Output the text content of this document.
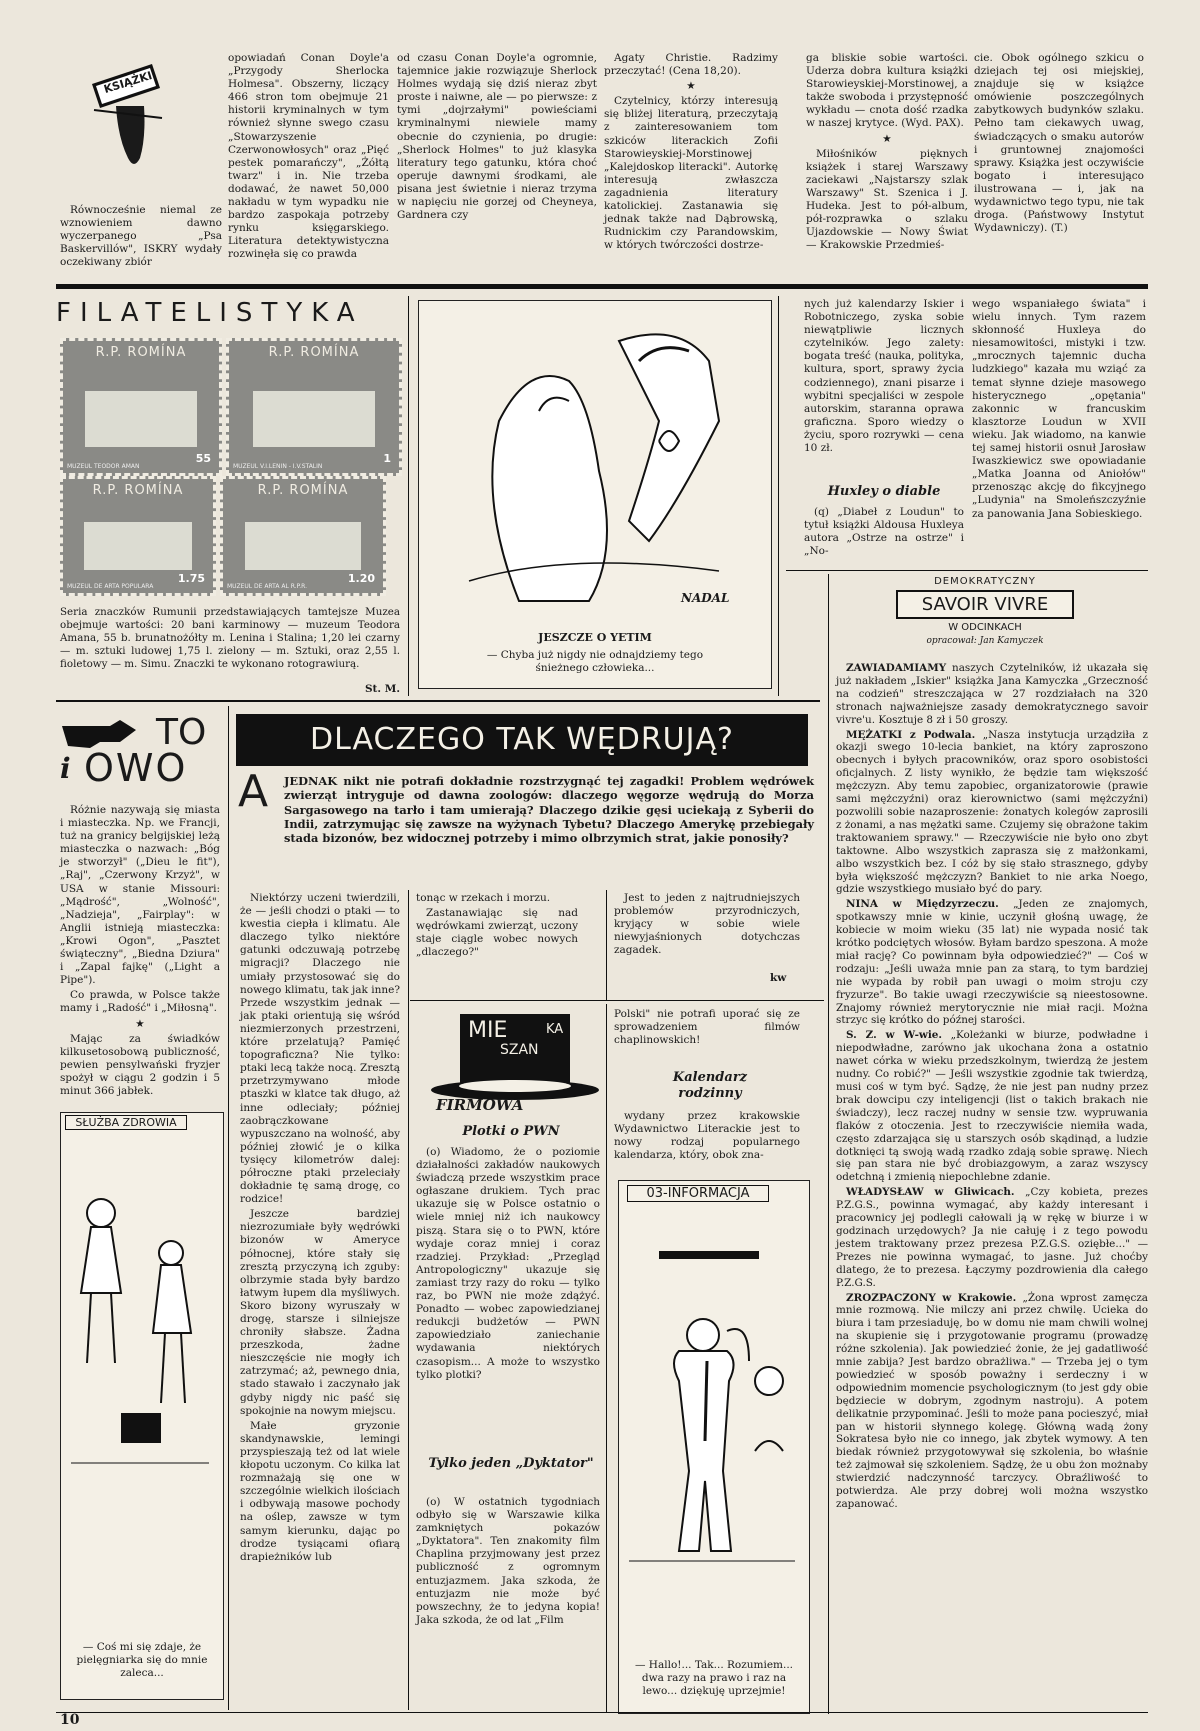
KSIĄŻKI

Równocześnie niemal ze wznowieniem dawno wyczerpanego „Psa Baskervillów", ISKRY wydały oczekiwany zbiór

opowiadań Conan Doyle'a „Przygody Sherlocka Holmesa". Obszerny, liczący 466 stron tom obejmuje 21 historii kryminalnych w tym również słynne swego czasu „Stowarzyszenie Czerwonowłosych" oraz „Pięć pestek pomarańczy", „Żółtą twarz" i in. Nie trzeba dodawać, że nawet 50,000 nakładu w tym wypadku nie bardzo zaspokaja potrzeby rynku księgarskiego. Literatura detektywistyczna rozwinęła się co prawda

od czasu Conan Doyle'a ogromnie, tajemnice jakie rozwiązuje Sherlock Holmes wydają się dziś nieraz zbyt proste i naiwne, ale — po pierwsze: z tymi „dojrzałymi" powieściami kryminalnymi niewiele mamy obecnie do czynienia, po drugie: „Sherlock Holmes" to już klasyka literatury tego gatunku, która choć operuje dawnymi środkami, ale pisana jest świetnie i nieraz trzyma w napięciu nie gorzej od Cheyneya, Gardnera czy

Agaty Christie. Radzimy przeczytać! (Cena 18,20).

★

Czytelnicy, którzy interesują się bliżej literaturą, przeczytają z zainteresowaniem tom szkiców literackich Zofii Starowieyskiej-Morstinowej „Kalejdoskop literacki". Autorkę interesują zwłaszcza zagadnienia literatury katolickiej. Zastanawia się jednak także nad Dąbrowską, Rudnickim czy Parandowskim, w których twórczości dostrze-

ga bliskie sobie wartości. Uderza dobra kultura książki Starowieyskiej-Morstinowej, a także swoboda i przystępność wykładu — cnota dość rzadka w naszej krytyce. (Wyd. PAX).

★

Miłośników pięknych książek i starej Warszawy zaciekawi „Najstarszy szlak Warszawy" St. Szenica i J. Hudeka. Jest to pół-album, pół-rozprawka o szlaku Ujazdowskie — Nowy Świat — Krakowskie Przedmieś-

cie. Obok ogólnego szkicu o dziejach tej osi miejskiej, znajduje się w książce omówienie poszczególnych zabytkowych budynków szlaku. Pełno tam ciekawych uwag, świadczących o smaku autorów i gruntownej znajomości sprawy. Książka jest oczywiście bogato i interesująco ilustrowana — i, jak na wydawnictwo tego typu, nie tak droga. (Państwowy Instytut Wydawniczy). (T.)

FILATELISTYKA
R.P. ROMÍNA
MUZEUL TEODOR AMAN
55
R.P. ROMÍNA
MUZEUL V.I.LENIN - I.V.STALIN
1
R.P. ROMÍNA
MUZEUL DE ARTA POPULARA
1.75
R.P. ROMÍNA
MUZEUL DE ARTA AL R.P.R.
1.20

Seria znaczków Rumunii przedstawiających tamtejsze Muzea obejmuje wartości: 20 bani karminowy — muzeum Teodora Amana, 55 b. brunatnożółty m. Lenina i Stalina; 1,20 lei czarny — m. sztuki ludowej 1,75 l. zielony — m. Sztuki, oraz 2,55 l. fioletowy — m. Simu. Znaczki te wykonano rotograwiurą.

St. M.
NADAL
JESZCZE O YETIM
— Chyba już nigdy nie odnajdziemy tego śnieżnego człowieka...

nych już kalendarzy Iskier i Robotniczego, zyska sobie niewątpliwie licznych czytelników. Jego zalety: bogata treść (nauka, polityka, kultura, sport, sprawy życia codziennego), znani pisarze i wybitni specjaliści w zespole autorskim, staranna oprawa graficzna. Sporo wiedzy o życiu, sporo rozrywki — cena 10 zł.

Huxley o diable

(q) „Diabeł z Loudun" to tytuł książki Aldousa Huxleya autora „Ostrze na ostrze" i „No-

wego wspaniałego świata" i wielu innych. Tym razem skłonność Huxleya do niesamowitości, mistyki i tzw. „mrocznych tajemnic ducha ludzkiego" kazała mu wziąć za temat słynne dzieje masowego histerycznego „opętania" zakonnic w francuskim klasztorze Loudun w XVII wieku. Jak wiadomo, na kanwie tej samej historii osnuł Jarosław Iwaszkiewicz swe opowiadanie „Matka Joanna od Aniołów" przenosząc akcję do fikcyjnego „Ludynia" na Smoleńszczyźnie za panowania Jana Sobieskiego.

DEMOKRATYCZNY
SAVOIR VIVRE
W ODCINKACH
opracował: Jan Kamyczek

ZAWIADAMIAMY naszych Czytelników, iż ukazała się już nakładem „Iskier" książka Jana Kamyczka „Grzeczność na codzień" streszczająca w 27 rozdziałach na 320 stronach najważniejsze zasady demokratycznego savoir vivre'u. Kosztuje 8 zł i 50 groszy.

MĘŻATKI z Podwala. „Nasza instytucja urządziła z okazji swego 10-lecia bankiet, na który zaproszono obecnych i byłych pracowników, oraz sporo osobistości oficjalnych. Z listy wynikło, że będzie tam większość mężczyzn. Aby temu zapobiec, organizatorowie (prawie sami mężczyźni) oraz kierownictwo (sami mężczyźni) pozwolili sobie nazaproszenie: żonatych kolegów zaprosili z żonami, a nas mężatki same. Czujemy się obrażone takim traktowaniem sprawy." — Rzeczywiście nie było ono zbyt taktowne. Albo wszystkich zaprasza się z małżonkami, albo wszystkich bez. I cóż by się stało strasznego, gdyby była większość mężczyzn? Bankiet to nie arka Noego, gdzie wszystkiego musiało być do pary.

NINA w Międzyrzeczu. „Jeden ze znajomych, spotkawszy mnie w kinie, uczynił głośną uwagę, że kobiecie w moim wieku (35 lat) nie wypada nosić tak krótko podciętych włosów. Byłam bardzo speszona. A może miał rację? Co powinnam była odpowiedzieć?" — Coś w rodzaju: „Jeśli uważa mnie pan za starą, to tym bardziej nie wypada by robił pan uwagi o moim stroju czy fryzurze". Bo takie uwagi rzeczywiście są nieestosowne. Znajomy również merytorycznie nie miał racji. Można strzyc się krótko do późnej starości.

S. Z. w W-wie. „Koleżanki w biurze, podwładne i niepodwładne, zarówno jak ukochana żona a ostatnio nawet córka w wieku przedszkolnym, twierdzą że jestem nudny. Co robić?" — Jeśli wszystkie zgodnie tak twierdzą, musi coś w tym być. Sądzę, że nie jest pan nudny przez brak dowcipu czy inteligencji (list o takich brakach nie świadczy), lecz raczej nudny w sensie tzw. wypruwania flaków z otoczenia. Jest to rzeczywiście niemiła wada, często zdarzająca się u starszych osób skądinąd, a ludzie dotknięci tą swoją wadą rzadko zdają sobie sprawę. Niech się pan stara nie być drobiazgowym, a zaraz wszyscy odetchną i zmienią niepochlebne zdanie.

WŁADYSŁAW w Gliwicach. „Czy kobieta, prezes P.Z.G.S., powinna wymagać, aby każdy interesant i pracownicy jej podlegli całowali ją w rękę w biurze i w godzinach urzędowych? Ja nie całuję i z tego powodu jestem traktowany przez prezesa P.Z.G.S. oziębłe..." — Prezes nie powinna wymagać, to jasne. Już choćby dlatego, że to prezesa. Łączymy pozdrowienia dla całego P.Z.G.S.

ZROZPACZONY w Krakowie. „Żona wprost zamęcza mnie rozmową. Nie milczy ani przez chwilę. Ucieka do biura i tam przesiaduję, bo w domu nie mam chwili wolnej na skupienie się i przygotowanie programu (prowadzę różne szkolenia). Jak powiedzieć żonie, że jej gadatliwość mnie zabija? Jest bardzo obrażliwa." — Trzeba jej o tym powiedzieć w sposób poważny i serdeczny i w odpowiednim momencie psychologicznym (to jest gdy obie będziecie w dobrym, zgodnym nastroju). A potem delikatnie przypominać. Jeśli to może pana pocieszyć, miał pan w historii słynnego kolegę. Główną wadą żony Sokratesa było nie co innego, jak zbytek wymowy. A ten biedak również przygotowywał się szkolenia, bo właśnie też zajmował się szkoleniem. Sądzę, że u obu żon możnaby stwierdzić nadczynność tarczycy. Obraźliwość to potwierdza. Ale przy dobrej woli można wszystko zapanować.

TO
i OWO

Różnie nazywają się miasta i miasteczka. Np. we Francji, tuż na granicy belgijskiej leżą miasteczka o nazwach: „Bóg je stworzył" („Dieu le fit"), „Raj", „Czerwony Krzyż", w USA w stanie Missouri: „Mądrość", „Wolność", „Nadzieja", „Fairplay": w Anglii istnieją miasteczka: „Krowi Ogon", „Pasztet świąteczny", „Biedna Dziura" i „Zapal fajkę" („Light a Pipe").

Co prawda, w Polsce także mamy i „Radość" i „Miłosną".

★

Mając za świadków kilkusetosobową publiczność, pewien pensylwański fryzjer spożył w ciągu 2 godzin i 5 minut 366 jabłek.

SŁUŻBA ZDROWIA
— Coś mi się zdaje, że pielęgniarka się do mnie zaleca...
DLACZEGO TAK WĘDRUJĄ?
A JEDNAK nikt nie potrafi dokładnie rozstrzygnąć tej zagadki! Problem wędrówek zwierząt intryguje od dawna zoologów: dlaczego węgorze wędrują do Morza Sargasowego na tarło i tam umierają? Dlaczego dzikie gęsi uciekają z Syberii do Indii, zatrzymując się zawsze na wyżynach Tybetu? Dlaczego Amerykę przebiegały stada bizonów, bez widocznej potrzeby i mimo olbrzymich strat, jakie ponosiły?

Niektórzy uczeni twierdzili, że — jeśli chodzi o ptaki — to kwestia ciepła i klimatu. Ale dlaczego tylko niektóre gatunki odczuwają potrzebę migracji? Dlaczego nie umiały przystosować się do nowego klimatu, tak jak inne? Przede wszystkim jednak — jak ptaki orientują się wśród niezmierzonych przestrzeni, które przelatują? Pamięć topograficzna? Nie tylko: ptaki lecą także nocą. Zresztą przetrzymywano młode ptaszki w klatce tak długo, aż inne odleciały; później zaobrączkowane wypuszczano na wolność, aby później złowić je o kilka tysięcy kilometrów dalej: półroczne ptaki przeleciały dokładnie tę samą drogę, co rodzice!

Jeszcze bardziej niezrozumiałe były wędrówki bizonów w Ameryce północnej, które stały się zresztą przyczyną ich zguby: olbrzymie stada były bardzo łatwym łupem dla myśliwych. Skoro bizony wyruszały w drogę, starsze i silniejsze chroniły słabsze. Żadna przeszkoda, żadne nieszczęście nie mogły ich zatrzymać; aż, pewnego dnia, stado stawało i zaczynało jak gdyby nigdy nic paść się spokojnie na nowym miejscu.

Małe gryzonie skandynawskie, lemingi przyspieszają też od lat wiele kłopotu uczonym. Co kilka lat rozmnażają się one w szczególnie wielkich ilościach i odbywają masowe pochody na oślep, zawsze w tym samym kierunku, dając po drodze tysiącami ofiarą drapieżników lub

tonąc w rzekach i morzu.

Zastanawiając się nad wędrówkami zwierząt, uczony staje ciągle wobec nowych „dlaczego?"

Jest to jeden z najtrudniejszych problemów przyrodniczych, kryjący w sobie wiele niewyjaśnionych dotychczas zagadek.

kw
MIE
SZAN
KA
FIRMOWA
Plotki o PWN

(o) Wiadomo, że o poziomie działalności zakładów naukowych świadczą przede wszystkim prace ogłaszane drukiem. Tych prac ukazuje się w Polsce ostatnio o wiele mniej niż ich naukowcy piszą. Stara się o to PWN, które wydaje coraz mniej i coraz rzadziej. Przykład: „Przegląd Antropologiczny" ukazuje się zamiast trzy razy do roku — tylko raz, bo PWN nie może zdążyć. Ponadto — wobec zapowiedzianej redukcji budżetów — PWN zapowiedziało zaniechanie wydawania niektórych czasopism... A może to wszystko tylko plotki?

Tylko jeden „Dyktator"

(o) W ostatnich tygodniach odbyło się w Warszawie kilka zamkniętych pokazów „Dyktatora". Ten znakomity film Chaplina przyjmowany jest przez publiczność z ogromnym entuzjazmem. Jaka szkoda, że entuzjazm nie może być powszechny, że to jedyna kopia! Jaka szkoda, że od lat „Film

Polski" nie potrafi uporać się ze sprowadzeniem filmów chaplinowskich!

Kalendarz rodzinny

wydany przez krakowskie Wydawnictwo Literackie jest to nowy rodzaj popularnego kalendarza, który, obok zna-

03-INFORMACJA
— Hallo!... Tak... Rozumiem... dwa razy na prawo i raz na lewo... dziękuję uprzejmie!
10
